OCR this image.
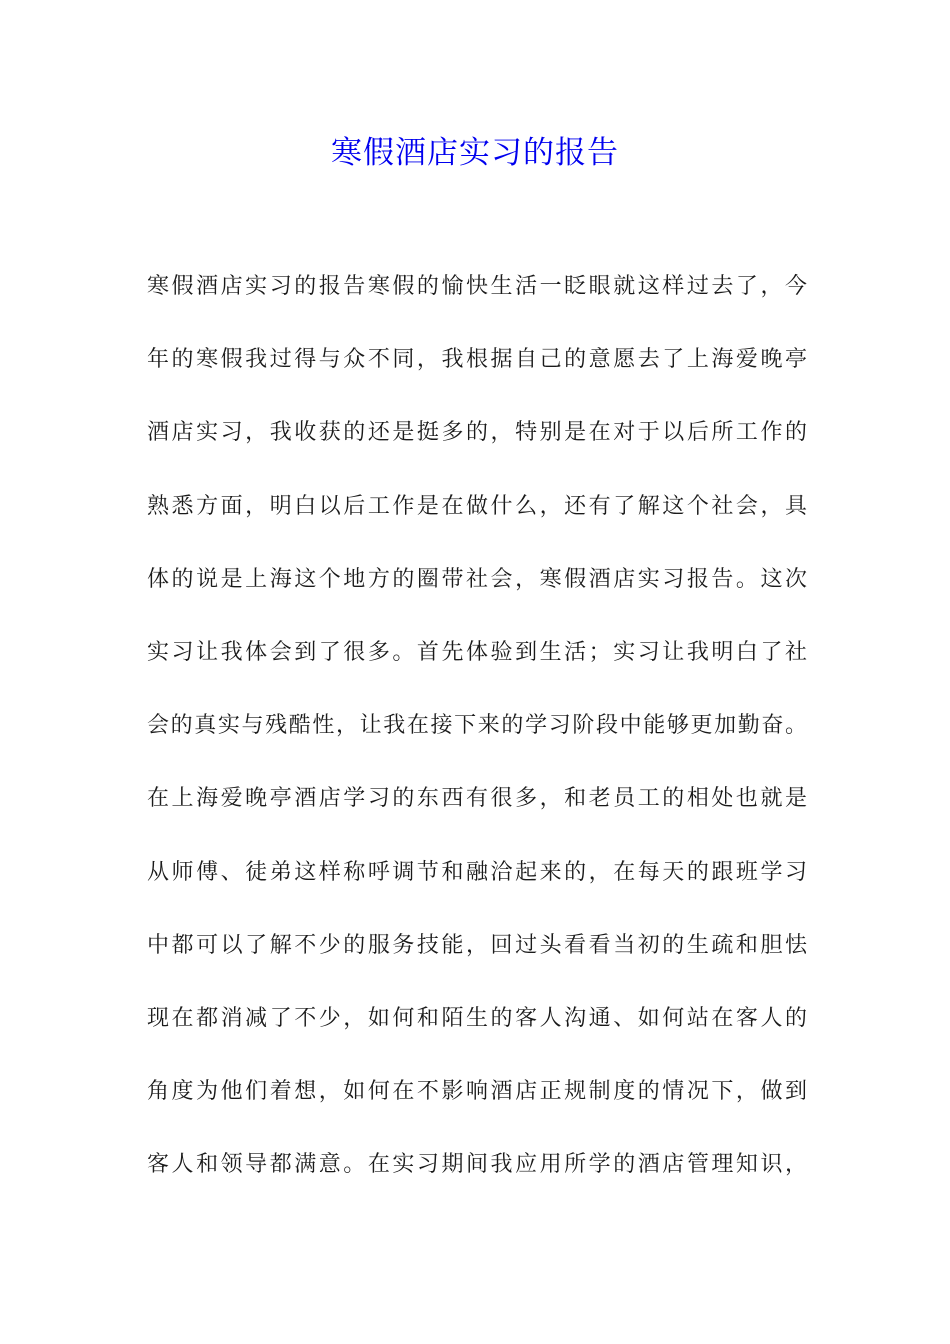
寒假酒店实习的报告
寒假酒店实习的报告寒假的愉快生活一眨眼就这样过去了，今
年的寒假我过得与众不同，我根据自己的意愿去了上海爱晚亭
酒店实习，我收获的还是挺多的，特别是在对于以后所工作的
熟悉方面，明白以后工作是在做什么，还有了解这个社会，具
体的说是上海这个地方的圈带社会，寒假酒店实习报告。这次
实习让我体会到了很多。首先体验到生活；实习让我明白了社
会的真实与残酷性，让我在接下来的学习阶段中能够更加勤奋。
在上海爱晚亭酒店学习的东西有很多，和老员工的相处也就是
从师傅、徒弟这样称呼调节和融洽起来的，在每天的跟班学习
中都可以了解不少的服务技能，回过头看看当初的生疏和胆怯
现在都消减了不少，如何和陌生的客人沟通、如何站在客人的
角度为他们着想，如何在不影响酒店正规制度的情况下，做到
客人和领导都满意。在实习期间我应用所学的酒店管理知识，
